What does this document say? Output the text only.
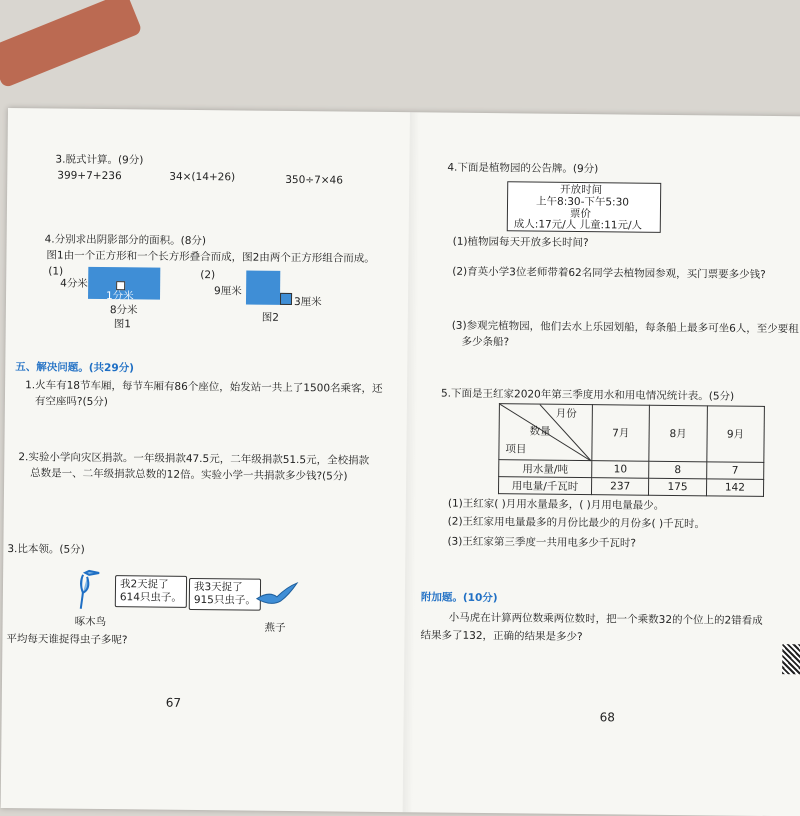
3.脱式计算。(9分)
399+7+236	34×(14+26)	350÷7×46
4.分别求出阴影部分的面积。(8分)
图1由一个正方形和一个长方形叠合而成，图2由两个正方形组合而成。
(1)
4分米
1分米
8分米
图1
(2)
9厘米
3厘米
图2
五、解决问题。(共29分)
1.火车有18节车厢，每节车厢有86个座位，始发站一共上了1500名乘客，还
有空座吗?(5分)
2.实验小学向灾区捐款。一年级捐款47.5元，二年级捐款51.5元，全校捐款
总数是一、二年级捐款总数的12倍。实验小学一共捐款多少钱?(5分)
3.比本领。(5分)
我2天捉了
614只虫子。
我3天捉了
915只虫子。
啄木鸟	燕子
平均每天谁捉得虫子多呢?
67
4.下面是植物园的公告牌。(9分)
开放时间
上午8:30-下午5:30
票价
成人:17元/人 儿童:11元/人
(1)植物园每天开放多长时间?
(2)育英小学3位老师带着62名同学去植物园参观，买门票要多少钱?
(3)参观完植物园，他们去水上乐园划船，每条船上最多可坐6人，至少要租
多少条船?
5.下面是王红家2020年第三季度用水和用电情况统计表。(5分)
月份
数量
项目	7月	8月	9月
用水量/吨	10	8	7
用电量/千瓦时	237	175	142
(1)王红家( )月用水量最多，( )月用电量最少。
(2)王红家用电量最多的月份比最少的月份多( )千瓦时。
(3)王红家第三季度一共用电多少千瓦时?
附加题。(10分)
小马虎在计算两位数乘两位数时，把一个乘数32的个位上的2错看成
结果多了132，正确的结果是多少?
68
